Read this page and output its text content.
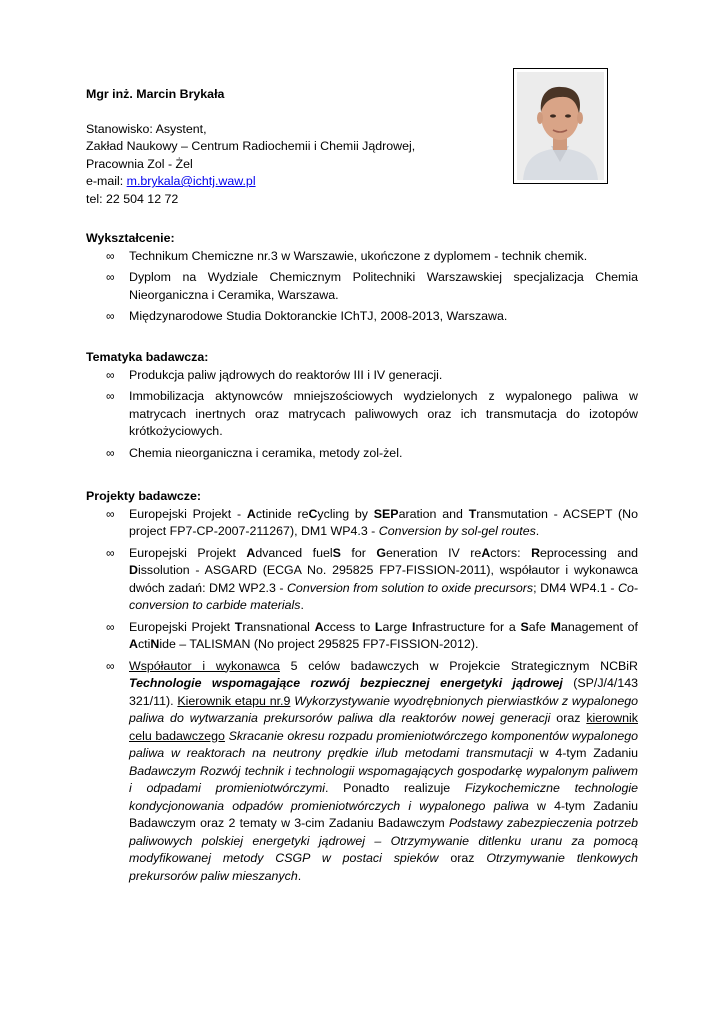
Mgr inż. Marcin Brykała
Stanowisko: Asystent,
Zakład Naukowy – Centrum Radiochemii i Chemii Jądrowej,
Pracownia Zol - Żel
e-mail: m.brykala@ichtj.waw.pl
tel: 22 504 12 72
Wykształcenie:
∞ Technikum Chemiczne nr.3 w Warszawie, ukończone z dyplomem - technik chemik.
∞ Dyplom na Wydziale Chemicznym Politechniki Warszawskiej specjalizacja Chemia Nieorganiczna i Ceramika, Warszawa.
∞ Międzynarodowe Studia Doktoranckie IChTJ, 2008-2013, Warszawa.
Tematyka badawcza:
∞ Produkcja paliw jądrowych do reaktorów III i IV generacji.
∞ Immobilizacja aktynowców mniejszościowych wydzielonych z wypalonego paliwa w matrycach inertnych oraz matrycach paliwowych oraz ich transmutacja do izotopów krótkożyciowych.
∞ Chemia nieorganiczna i ceramika, metody zol-żel.
Projekty badawcze:
∞ Europejski Projekt - Actinide reCycling by SEParation and Transmutation - ACSEPT (No project FP7-CP-2007-211267), DM1 WP4.3 - Conversion by sol-gel routes.
∞ Europejski Projekt Advanced fuelS for Generation IV reActors: Reprocessing and Dissolution - ASGARD (ECGA No. 295825 FP7-FISSION-2011), współautor i wykonawca dwóch zadań: DM2 WP2.3 - Conversion from solution to oxide precursors; DM4 WP4.1 - Co-conversion to carbide materials.
∞ Europejski Projekt Transnational Access to Large Infrastructure for a Safe Management of ActiNide – TALISMAN (No project 295825 FP7-FISSION-2012).
∞ Współautor i wykonawca 5 celów badawczych w Projekcie Strategicznym NCBiR Technologie wspomagające rozwój bezpiecznej energetyki jądrowej (SP/J/4/143 321/11). Kierownik etapu nr.9 Wykorzystywanie wyodrębnionych pierwiastków z wypalonego paliwa do wytwarzania prekursorów paliwa dla reaktorów nowej generacji oraz kierownik celu badawczego Skracanie okresu rozpadu promieniotwórczego komponentów wypalonego paliwa w reaktorach na neutrony prędkie i/lub metodami transmutacji w 4-tym Zadaniu Badawczym Rozwój technik i technologii wspomagających gospodarkę wypalonym paliwem i odpadami promieniotwórczymi. Ponadto realizuje Fizykochemiczne technologie kondycjonowania odpadów promieniotwórczych i wypalonego paliwa w 4-tym Zadaniu Badawczym oraz 2 tematy w 3-cim Zadaniu Badawczym Podstawy zabezpieczenia potrzeb paliwowych polskiej energetyki jądrowej – Otrzymywanie ditlenku uranu za pomocą modyfikowanej metody CSGP w postaci spieków oraz Otrzymywanie tlenkowych prekursorów paliw mieszanych.
